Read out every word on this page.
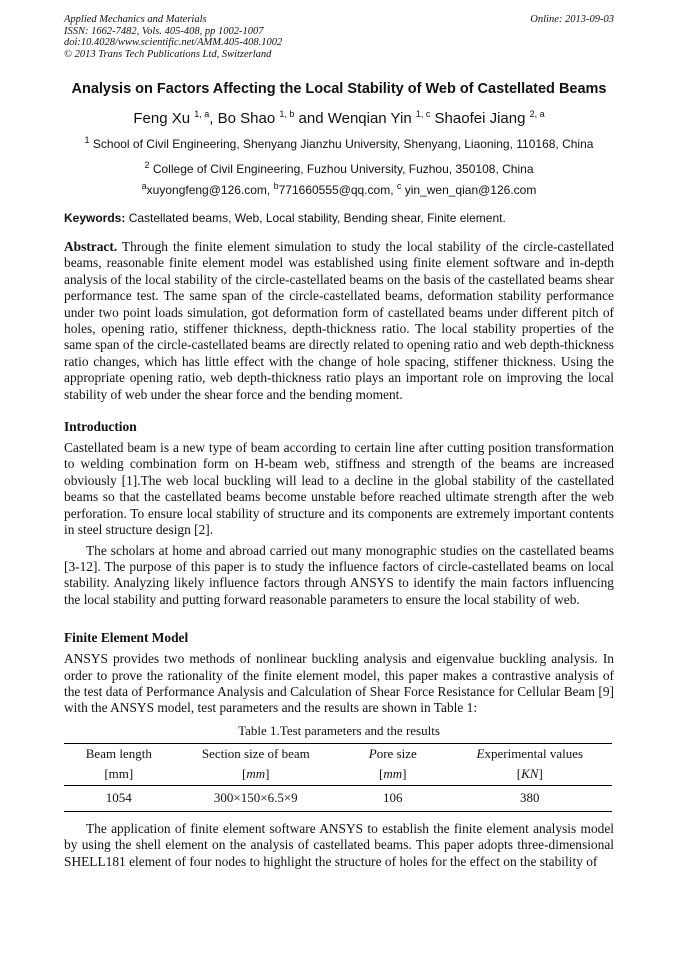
Applied Mechanics and Materials
ISSN: 1662-7482, Vols. 405-408, pp 1002-1007
doi:10.4028/www.scientific.net/AMM.405-408.1002
© 2013 Trans Tech Publications Ltd, Switzerland
Online: 2013-09-03
Analysis on Factors Affecting the Local Stability of Web of Castellated Beams
Feng Xu $^{1, a}$, Bo Shao $^{1, b}$ and Wenqian Yin $^{1, c}$ Shaofei Jiang $^{2, a}$
$^1$ School of Civil Engineering, Shenyang Jianzhu University, Shenyang, Liaoning, 110168, China
$^2$ College of Civil Engineering, Fuzhou University, Fuzhou, 350108, China
$^a$xuyongfeng@126.com, $^b$771660555@qq.com, $^c$ yin_wen_qian@126.com
Keywords: Castellated beams, Web, Local stability, Bending shear, Finite element.
Abstract. Through the finite element simulation to study the local stability of the circle-castellated beams, reasonable finite element model was established using finite element software and in-depth analysis of the local stability of the circle-castellated beams on the basis of the castellated beams shear performance test. The same span of the circle-castellated beams, deformation stability performance under two point loads simulation, got deformation form of castellated beams under different pitch of holes, opening ratio, stiffener thickness, depth-thickness ratio. The local stability properties of the same span of the circle-castellated beams are directly related to opening ratio and web depth-thickness ratio changes, which has little effect with the change of hole spacing, stiffener thickness. Using the appropriate opening ratio, web depth-thickness ratio plays an important role on improving the local stability of web under the shear force and the bending moment.
Introduction
Castellated beam is a new type of beam according to certain line after cutting position transformation to welding combination form on H-beam web, stiffness and strength of the beams are increased obviously [1].The web local buckling will lead to a decline in the global stability of the castellated beams so that the castellated beams become unstable before reached ultimate strength after the web perforation. To ensure local stability of structure and its components are extremely important contents in steel structure design [2].
The scholars at home and abroad carried out many monographic studies on the castellated beams [3-12]. The purpose of this paper is to study the influence factors of circle-castellated beams on local stability. Analyzing likely influence factors through ANSYS to identify the main factors influencing the local stability and putting forward reasonable parameters to ensure the local stability of web.
Finite Element Model
ANSYS provides two methods of nonlinear buckling analysis and eigenvalue buckling analysis. In order to prove the rationality of the finite element model, this paper makes a contrastive analysis of the test data of Performance Analysis and Calculation of Shear Force Resistance for Cellular Beam [9] with the ANSYS model, test parameters and the results are shown in Table 1:
Table 1.Test parameters and the results
Beam length	Section size of beam	Pore size	Experimental values
[mm]	[mm]	[mm]	[KN]
1054	300×150×6.5×9	106	380
The application of finite element software ANSYS to establish the finite element analysis model by using the shell element on the analysis of castellated beams. This paper adopts three-dimensional SHELL181 element of four nodes to highlight the structure of holes for the effect on the stability of
